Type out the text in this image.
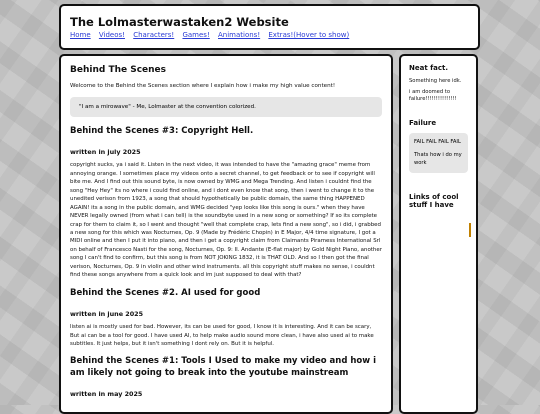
The Lolmasterwastaken2 Website
Home Videos! Characters! Games! Animations! Extras!(Hover to show)
Behind The Scenes

Welcome to the Behind the Scenes section where I explain how i make my high value content!

"I am a mirowave" - Me, Lolmaster at the convention colorized.
Behind the Scenes #3: Copyright Hell.
written in july 2025

copyright sucks, ya i said it. Listen in the next video, it was intended to have the "amazing grace" meme from annoying orange. I sometimes place my videos onto a secret channel, to get feedback or to see if copyright will bite me. And I find out this sound byte, is now owned by WMG and Mega Trending. And listen i couldnt find the song "Hey Hey" its no where i could find online, and i dont even know that song, then i went to change it to the unedited verison from 1923, a song that should hypothetically be public domain, the same thing HAPPENED AGAIN! its a song in the public domain, and WMG decided "yep looks like this song is ours." when they have NEVER legally owned (from what i can tell) is the soundbyte used in a new song or something? If so its complete crap for them to claim it, so I went and thought "well that complete crap, lets find a new song", so i did, i grabbed a new song for this which was Nocturnes, Op. 9 (Made by Frédéric Chopin) in E Major, 4/4 time signature, I got a MIDI online and then I put it into piano, and then i get a copyright claim from Claimants Piramess International Srl on behalf of Francesco Nasti for the song, Nocturnes, Op. 9: II. Andante (E-flat major) by Gold Night Piano, another song I can't find to confirm, but this song is from NOT JOKING 1832, it is THAT OLD. And so I then got the final verison, Nocturnes, Op. 9 in violin and other wind instruments. all this copyright stuff makes no sense, i couldnt find these songs anywhere from a quick look and im just supposed to deal with that?

Behind the Scenes #2. AI used for good
written in june 2025

listen ai is mostly used for bad. However, its can be used for good, I know it is interesting. And it can be scary, But ai can be a tool for good. I have used AI, to help make audio sound more clean, i have also used ai to make subtitles. It just helps, but it isn't something I dont rely on. But it is helpful.

Behind the Scenes #1: Tools I Used to make my video and how i am likely not going to break into the youtube mainstream
written in may 2025
Neat fact.

Something here idk.

i am doomed to failure!!!!!!!!!!!!!!!

Failure
FAIL FAIL FAIL FAIL
Thats how i do my work
Links of cool stuff I have
